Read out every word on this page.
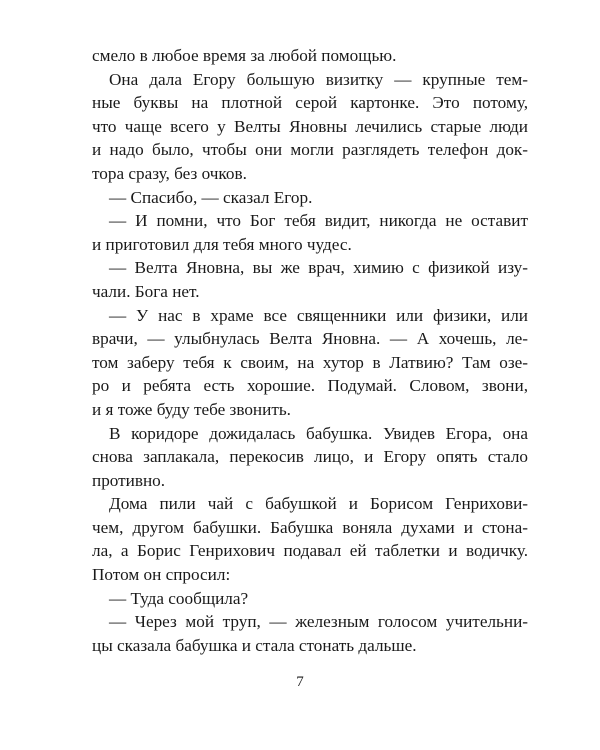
смело в любое время за любой помощью.
Она дала Егору большую визитку — крупные тем-
ные буквы на плотной серой картонке. Это потому,
что чаще всего у Велты Яновны лечились старые люди
и надо было, чтобы они могли разглядеть телефон док-
тора сразу, без очков.
— Спасибо, — сказал Егор.
— И помни, что Бог тебя видит, никогда не оставит
и приготовил для тебя много чудес.
— Велта Яновна, вы же врач, химию с физикой изу-
чали. Бога нет.
— У нас в храме все священники или физики, или
врачи, — улыбнулась Велта Яновна. — А хочешь, ле-
том заберу тебя к своим, на хутор в Латвию? Там озе-
ро и ребята есть хорошие. Подумай. Словом, звони,
и я тоже буду тебе звонить.
В коридоре дожидалась бабушка. Увидев Егора, она
снова заплакала, перекосив лицо, и Егору опять стало
противно.
Дома пили чай с бабушкой и Борисом Генрихови-
чем, другом бабушки. Бабушка воняла духами и стона-
ла, а Борис Генрихович подавал ей таблетки и водичку.
Потом он спросил:
— Туда сообщила?
— Через мой труп, — железным голосом учительни-
цы сказала бабушка и стала стонать дальше.
7
